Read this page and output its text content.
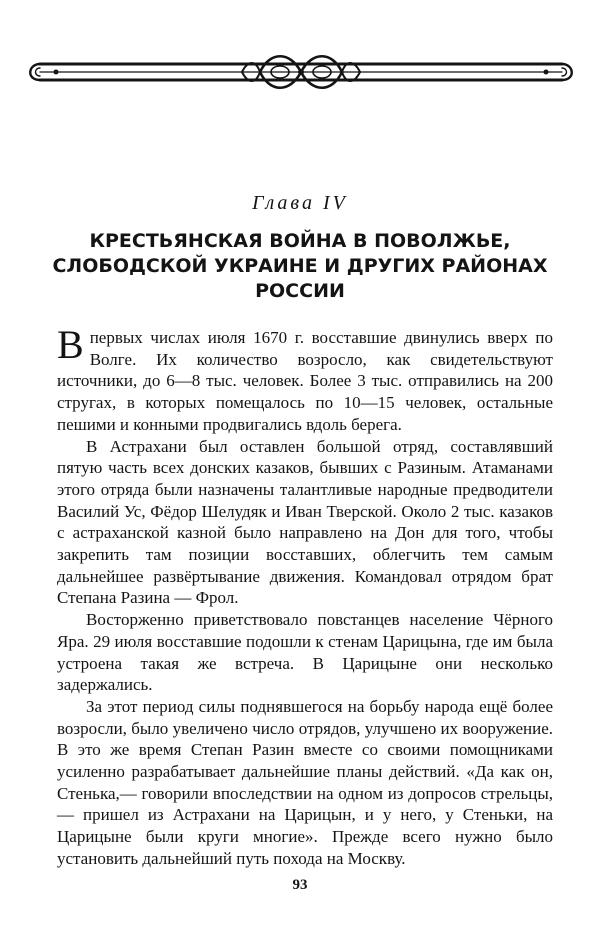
Глава IV
КРЕСТЬЯНСКАЯ ВОЙНА В ПОВОЛЖЬЕ,
СЛОБОДСКОЙ УКРАИНЕ И ДРУГИХ РАЙОНАХ
РОССИИ

В первых числах июля 1670 г. восставшие двинулись вверх по Волге. Их количество возросло, как свидетельствуют источники, до 6—8 тыс. человек. Более 3 тыс. отправились на 200 стругах, в которых помещалось по 10—15 человек, остальные пешими и конными продвигались вдоль берега.

В Астрахани был оставлен большой отряд, составлявший пятую часть всех донских казаков, бывших с Разиным. Атаманами этого отряда были назначены талантливые народные предводители Василий Ус, Фёдор Шелудяк и Иван Тверской. Около 2 тыс. казаков с астраханской казной было направлено на Дон для того, чтобы закрепить там позиции восставших, облегчить тем самым дальнейшее развёртывание движения. Командовал отрядом брат Степана Разина — Фрол.

Восторженно приветствовало повстанцев население Чёрного Яра. 29 июля восставшие подошли к стенам Царицына, где им была устроена такая же встреча. В Царицыне они несколько задержались.

За этот период силы поднявшегося на борьбу народа ещё более возросли, было увеличено число отрядов, улучшено их вооружение. В это же время Степан Разин вместе со своими помощниками усиленно разрабатывает дальнейшие планы действий. «Да как он, Стенька,— говорили впоследствии на одном из допросов стрельцы,— пришел из Астрахани на Царицын, и у него, у Стеньки, на Царицыне были круги многие». Прежде всего нужно было установить дальнейший путь похода на Москву.

93
